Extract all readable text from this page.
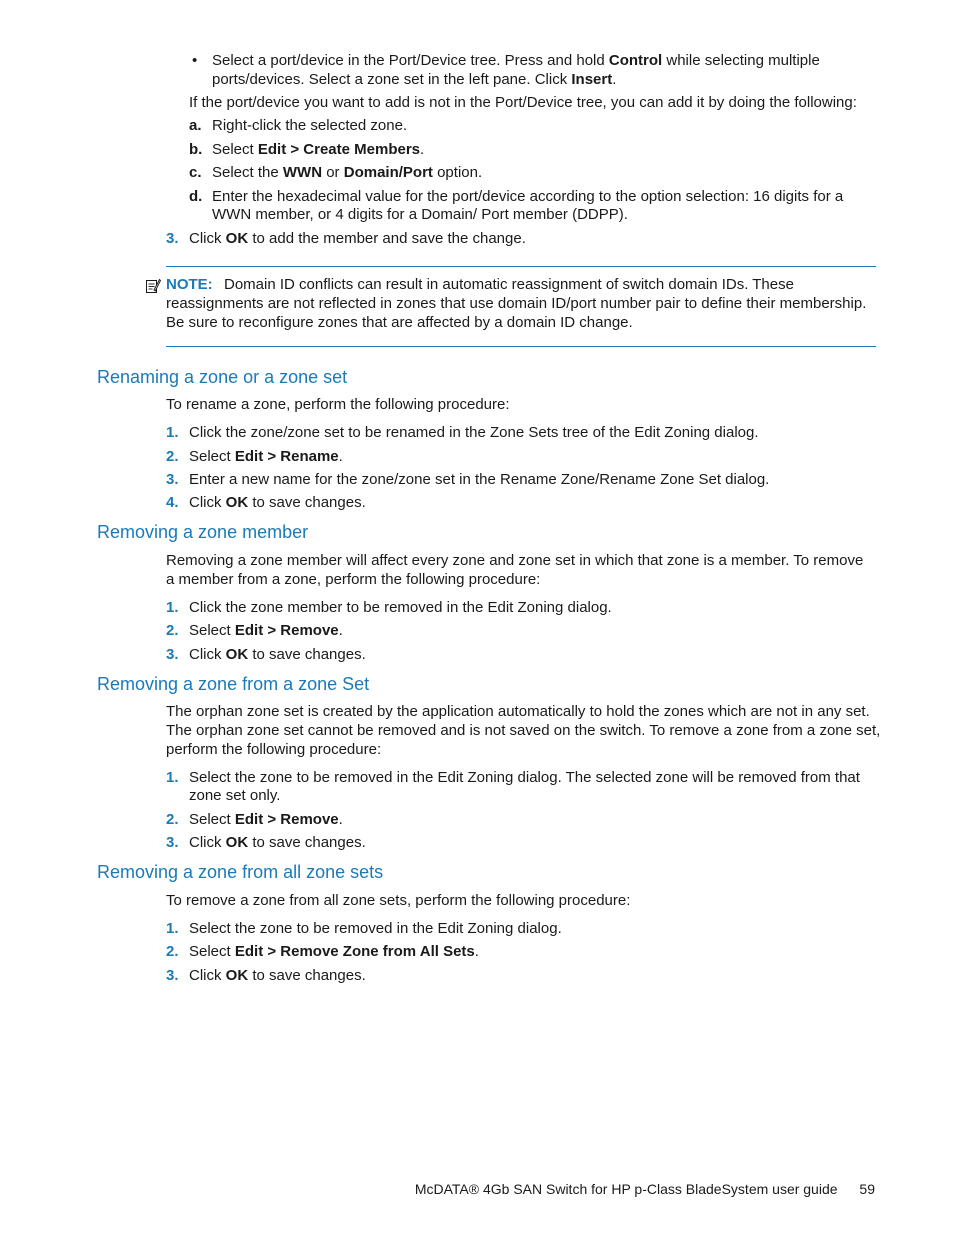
• Select a port/device in the Port/Device tree. Press and hold Control while selecting multiple
ports/devices. Select a zone set in the left pane. Click Insert.
If the port/device you want to add is not in the Port/Device tree, you can add it by doing the following:
a. Right-click the selected zone.
b. Select Edit > Create Members.
c. Select the WWN or Domain/Port option.
d. Enter the hexadecimal value for the port/device according to the option selection: 16 digits for a
WWN member, or 4 digits for a Domain/ Port member (DDPP).
3. Click OK to add the member and save the change.
NOTE: Domain ID conflicts can result in automatic reassignment of switch domain IDs. These
reassignments are not reflected in zones that use domain ID/port number pair to define their membership.
Be sure to reconfigure zones that are affected by a domain ID change.
Renaming a zone or a zone set
To rename a zone, perform the following procedure:
1. Click the zone/zone set to be renamed in the Zone Sets tree of the Edit Zoning dialog.
2. Select Edit > Rename.
3. Enter a new name for the zone/zone set in the Rename Zone/Rename Zone Set dialog.
4. Click OK to save changes.
Removing a zone member
Removing a zone member will affect every zone and zone set in which that zone is a member. To remove
a member from a zone, perform the following procedure:
1. Click the zone member to be removed in the Edit Zoning dialog.
2. Select Edit > Remove.
3. Click OK to save changes.
Removing a zone from a zone Set
The orphan zone set is created by the application automatically to hold the zones which are not in any set.
The orphan zone set cannot be removed and is not saved on the switch. To remove a zone from a zone set,
perform the following procedure:
1. Select the zone to be removed in the Edit Zoning dialog. The selected zone will be removed from that
zone set only.
2. Select Edit > Remove.
3. Click OK to save changes.
Removing a zone from all zone sets
To remove a zone from all zone sets, perform the following procedure:
1. Select the zone to be removed in the Edit Zoning dialog.
2. Select Edit > Remove Zone from All Sets.
3. Click OK to save changes.
McDATA® 4Gb SAN Switch for HP p-Class BladeSystem user guide 59
